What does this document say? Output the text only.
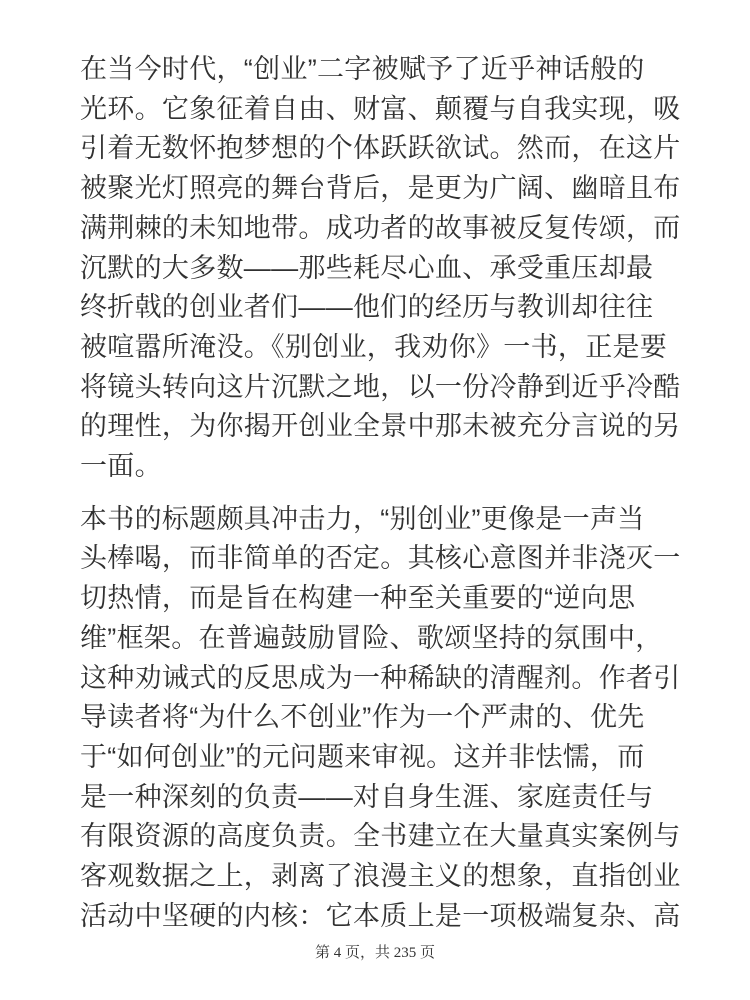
在当今时代，“创业”二字被赋予了近乎神话般的
光环。它象征着自由、财富、颠覆与自我实现，吸
引着无数怀抱梦想的个体跃跃欲试。然而，在这片
被聚光灯照亮的舞台背后，是更为广阔、幽暗且布
满荆棘的未知地带。成功者的故事被反复传颂，而
沉默的大多数——那些耗尽心血、承受重压却最
终折戟的创业者们——他们的经历与教训却往往
被喧嚣所淹没。《别创业，我劝你》一书，正是要
将镜头转向这片沉默之地，以一份冷静到近乎冷酷
的理性，为你揭开创业全景中那未被充分言说的另
一面。
本书的标题颇具冲击力，“别创业”更像是一声当
头棒喝，而非简单的否定。其核心意图并非浇灭一
切热情，而是旨在构建一种至关重要的“逆向思
维”框架。在普遍鼓励冒险、歌颂坚持的氛围中，
这种劝诫式的反思成为一种稀缺的清醒剂。作者引
导读者将“为什么不创业”作为一个严肃的、优先
于“如何创业”的元问题来审视。这并非怯懦，而
是一种深刻的负责——对自身生涯、家庭责任与
有限资源的高度负责。全书建立在大量真实案例与
客观数据之上，剥离了浪漫主义的想象，直指创业
活动中坚硬的内核：它本质上是一项极端复杂、高
第 4 页，共 235 页
